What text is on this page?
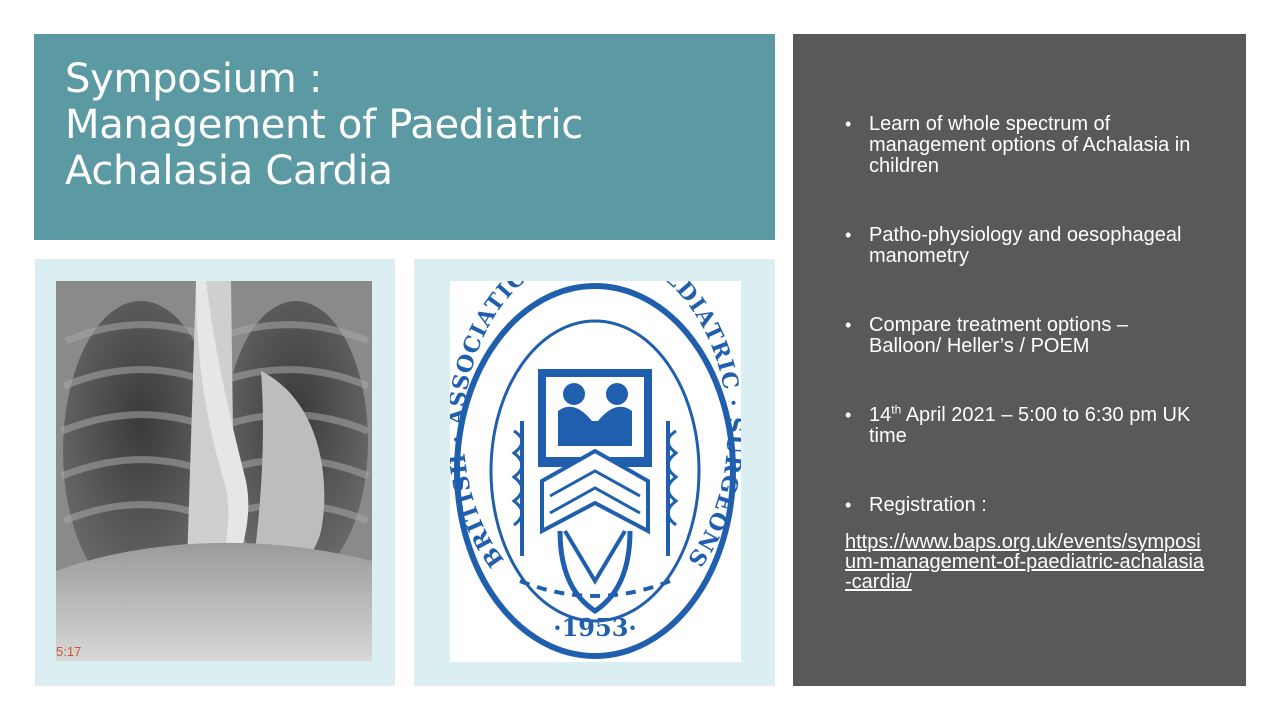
Symposium :
Management of Paediatric
Achalasia Cardia
5:17
BRITIS SOCIATI DIATRIC GEONS
·1953·
• Learn of whole spectrum of management options of Achalasia in children
• Patho-physiology and oesophageal manometry
• Compare treatment options – Balloon/ Heller’s / POEM
• 14th April 2021 – 5:00 to 6:30 pm UK time
• Registration :
https://www.baps.org.uk/events/symposium-management-of-paediatric-achalasia-cardia/
